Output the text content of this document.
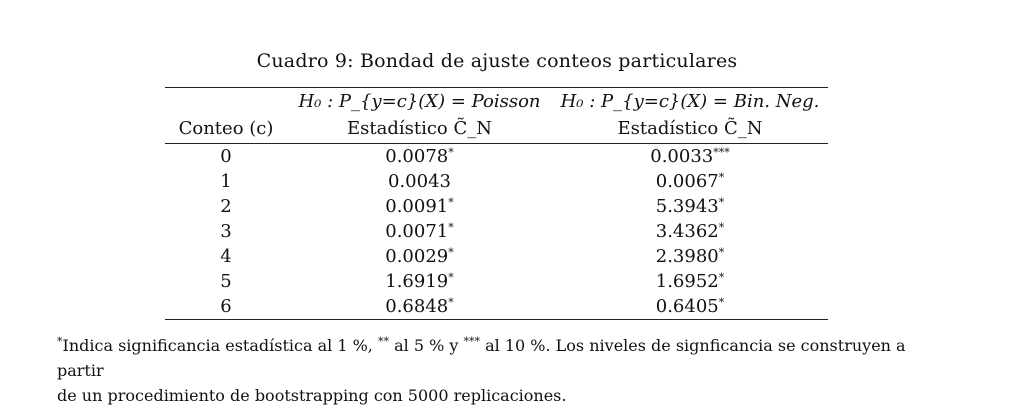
Cuadro 9: Bondad de ajuste conteos particulares
	H₀ : P_{y=c}(X) = Poisson	H₀ : P_{y=c}(X) = Bin. Neg.
Conteo (c)	Estadístico C̃_N	Estadístico C̃_N
0	0.0078*	0.0033***
1	0.0043	0.0067*
2	0.0091*	5.3943*
3	0.0071*	3.4362*
4	0.0029*	2.3980*
5	1.6919*	1.6952*
6	0.6848*	0.6405*
*Indica significancia estadística al 1 %, ** al 5 % y *** al 10 %. Los niveles de signficancia se construyen a partir
de un procedimiento de bootstrapping con 5000 replicaciones.
